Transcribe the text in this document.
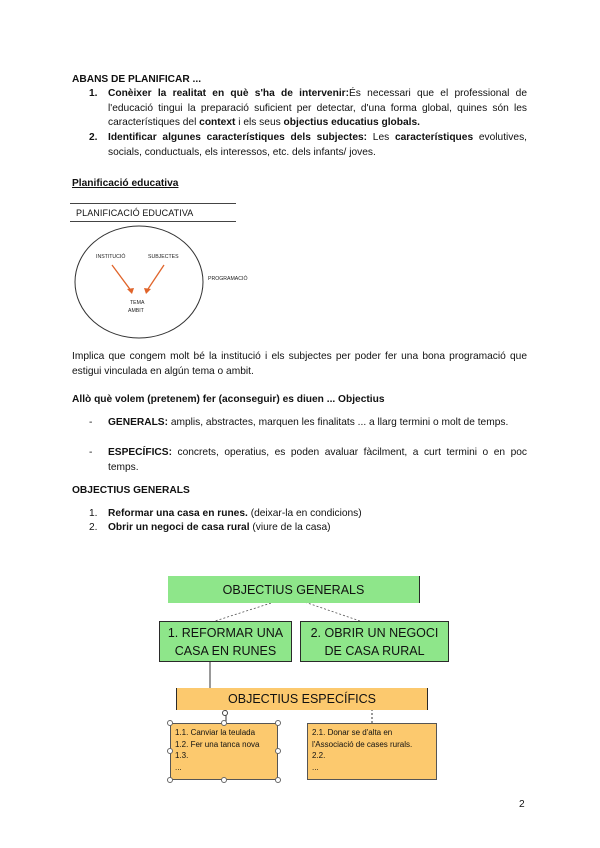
ABANS DE PLANIFICAR ...
1. Conèixer la realitat en què s'ha de intervenir:És necessari que el professional de l'educació tingui la preparació suficient per detectar, d'una forma global, quines són les característiques del context i els seus objectius educatius globals.
2. Identificar algunes característiques dels subjectes: Les característiques evolutives, socials, conductuals, els interessos, etc. dels infants/ joves.
Planificació educativa
PLANIFICACIÓ EDUCATIVA
INSTITUCIÓ	SUBJECTES
TEMA
AMBIT
PROGRAMACIÓ
Implica que congem molt bé la institució i els subjectes per poder fer una bona programació que estigui vinculada en algún tema o ambit.
Allò què volem (pretenem) fer (aconseguir) es diuen ... Objectius
- GENERALS: amplis, abstractes, marquen les finalitats ... a llarg termini o molt de temps.
- ESPECÍFICS: concrets, operatius, es poden avaluar fàcilment, a curt termini o en poc temps.
OBJECTIUS GENERALS
1. Reformar una casa en runes. (deixar-la en condicions)
2. Obrir un negoci de casa rural (viure de la casa)
OBJECTIUS GENERALS
1. REFORMAR UNA CASA EN RUNES
2. OBRIR UN NEGOCI DE CASA RURAL
OBJECTIUS ESPECÍFICS
1.1. Canviar la teulada
1.2. Fer una tanca nova
1.3.
...
2.1. Donar se d'alta en l'Associació de cases rurals.
2.2.
...
2
